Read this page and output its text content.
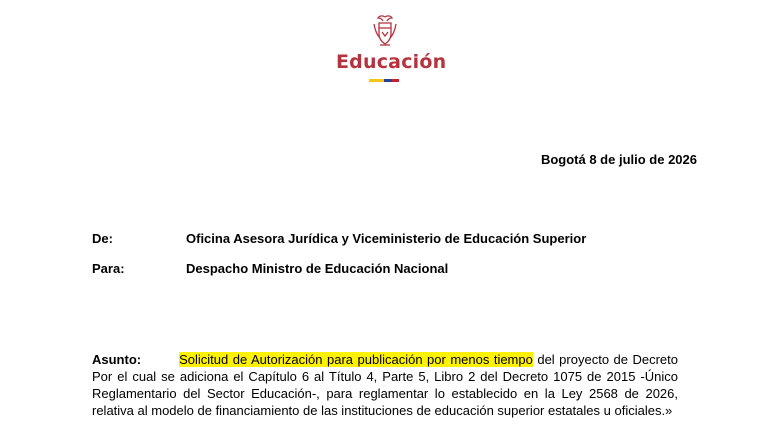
Educación
Bogotá 8 de julio de 2026
De:	Oficina Asesora Jurídica y Viceministerio de Educación Superior
Para:	Despacho Ministro de Educación Nacional
Asunto:	Solicitud de Autorización para publicación por menos tiempo del proyecto de Decreto Por el cual se adiciona el Capítulo 6 al Título 4, Parte 5, Libro 2 del Decreto 1075 de 2015 -Único Reglamentario del Sector Educación-, para reglamentar lo establecido en la Ley 2568 de 2026, relativa al modelo de financiamiento de las instituciones de educación superior estatales u oficiales.»
